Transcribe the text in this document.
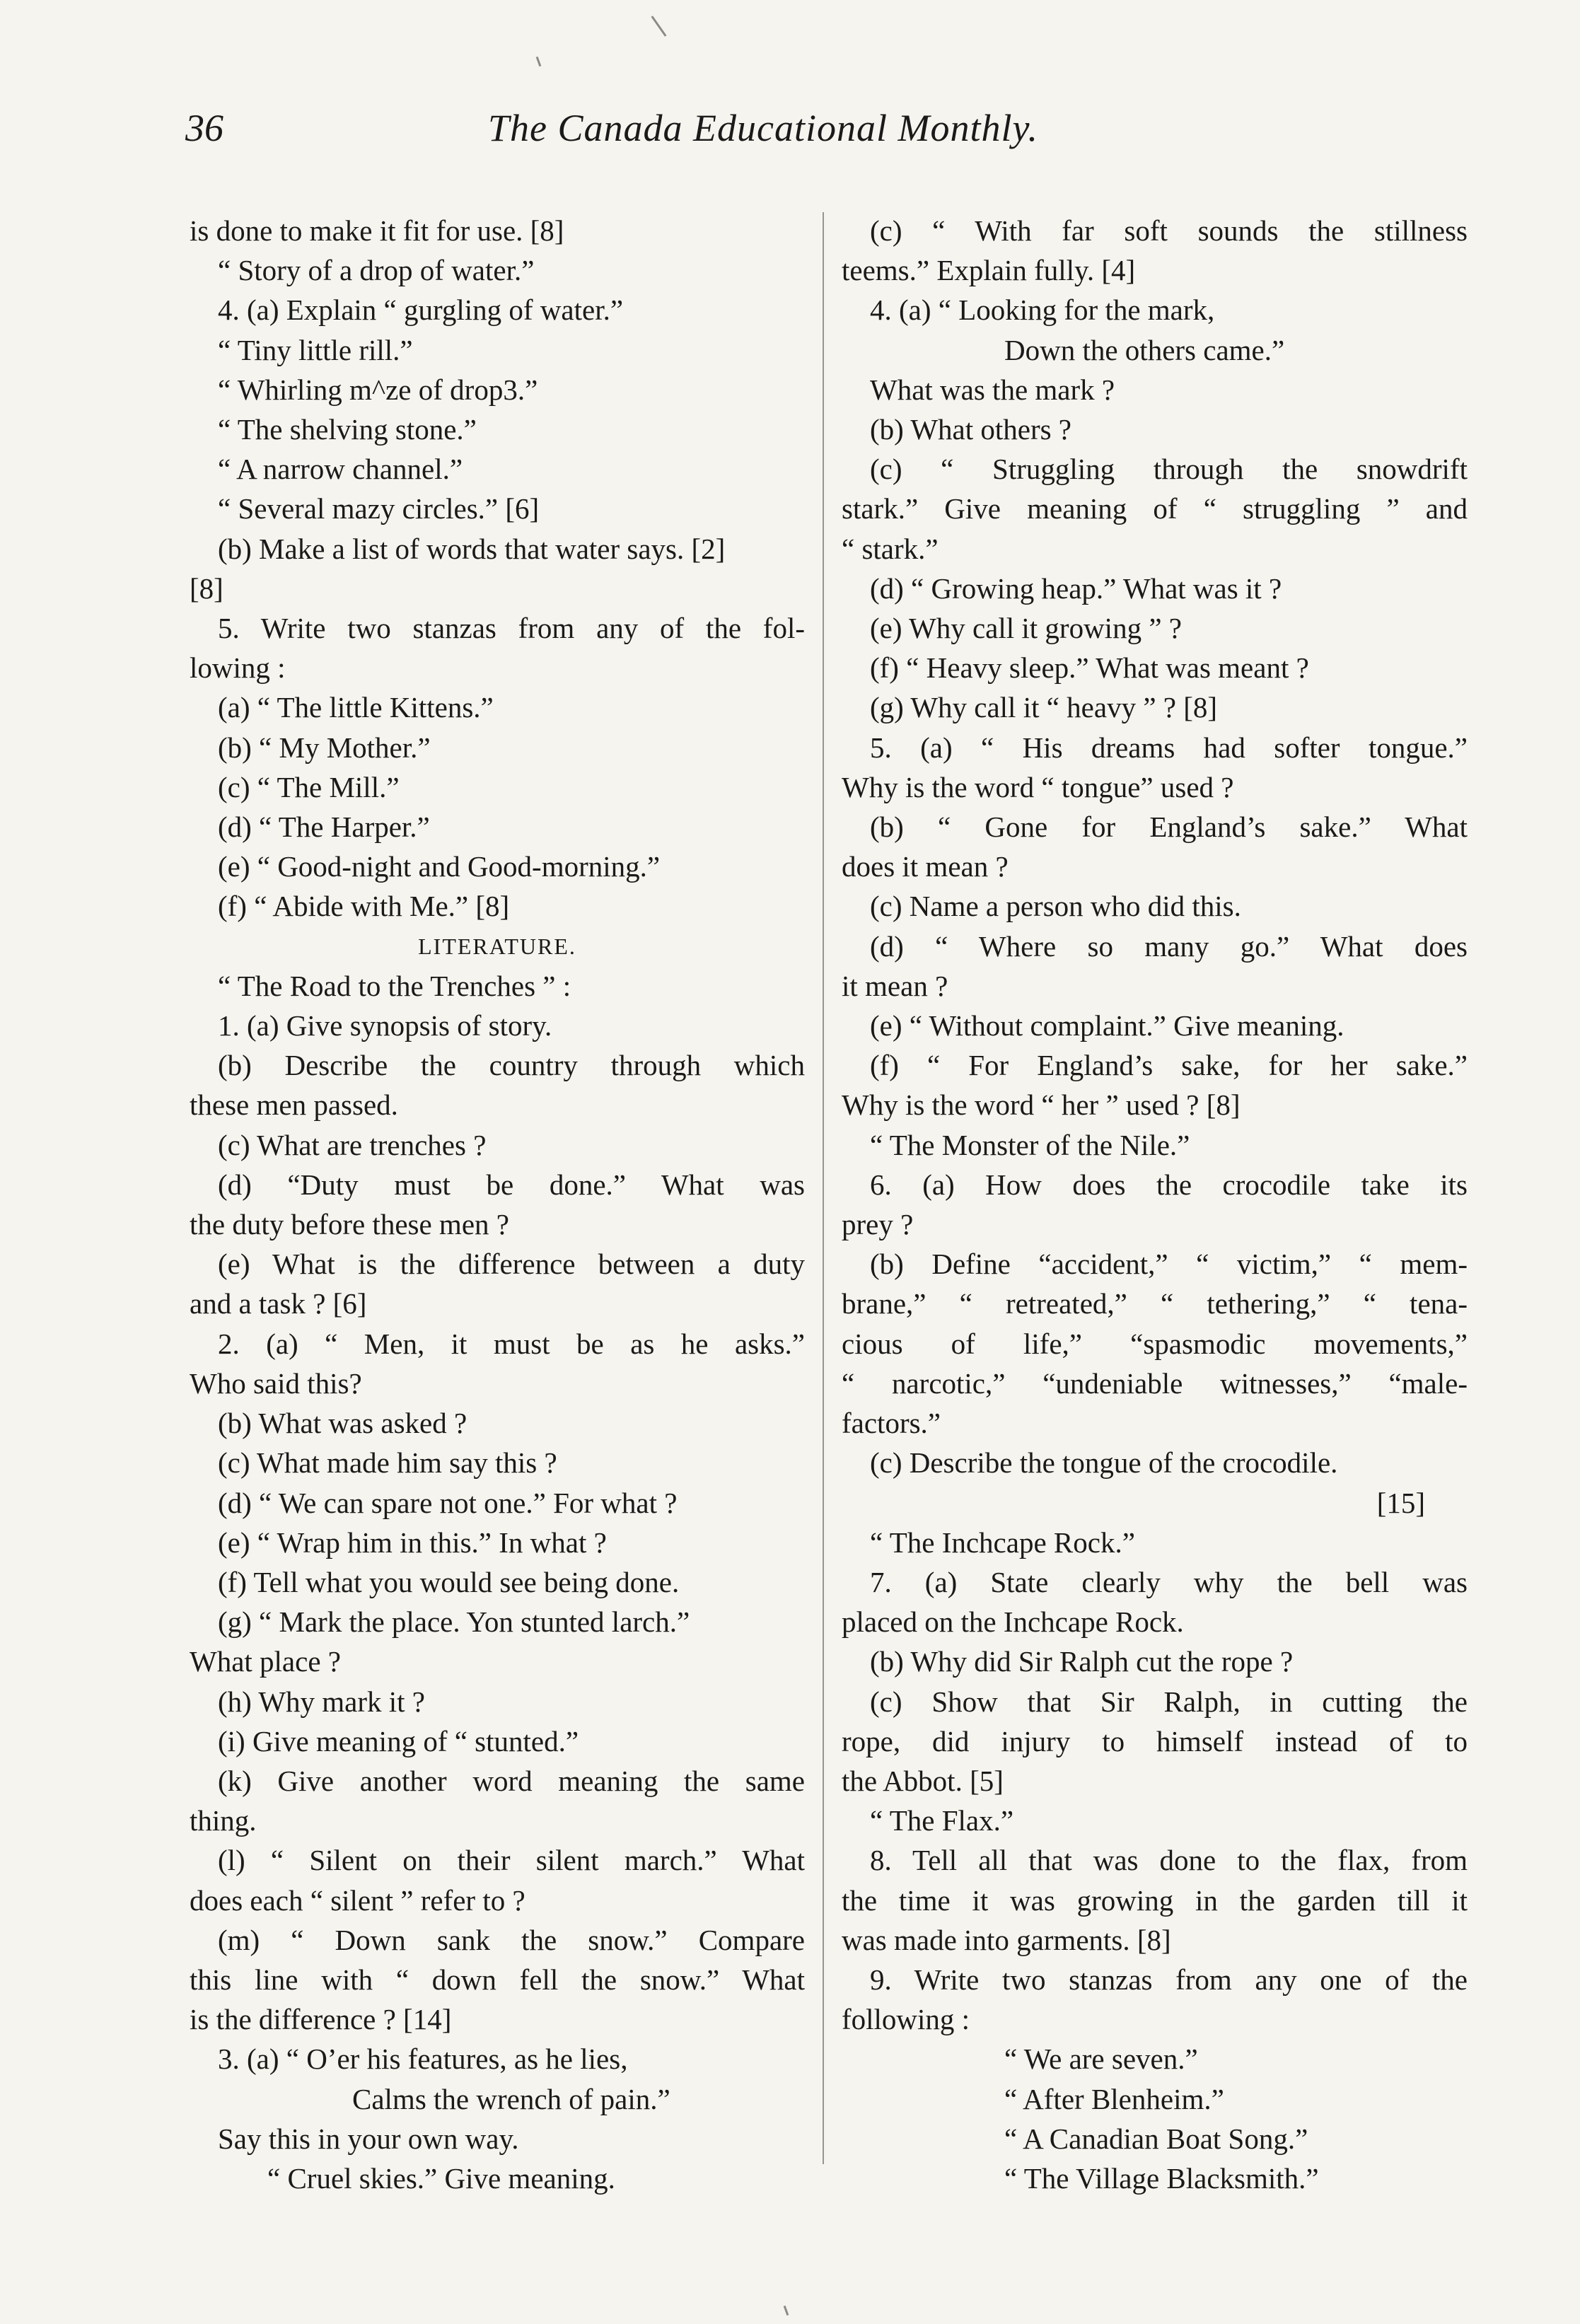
36	The Canada Educational Monthly.
is done to make it fit for use. [8]
“ Story of a drop of water.”
4. (a) Explain “ gurgling of water.”
“ Tiny little rill.”
“ Whirling m^ze of drop3.”
“ The shelving stone.”
“ A narrow channel.”
“ Several mazy circles.” [6]
(b) Make a list of words that water says. [2]
[8]
5. Write two stanzas from any of the fol-
lowing :
(a) “ The little Kittens.”
(b) “ My Mother.”
(c) “ The Mill.”
(d) “ The Harper.”
(e) “ Good-night and Good-morning.”
(f) “ Abide with Me.” [8]
LITERATURE.
“ The Road to the Trenches ” :
1. (a) Give synopsis of story.
(b) Describe the country through which
these men passed.
(c) What are trenches ?
(d) “Duty must be done.” What was
the duty before these men ?
(e) What is the difference between a duty
and a task ? [6]
2. (a) “ Men, it must be as he asks.”
Who said this?
(b) What was asked ?
(c) What made him say this ?
(d) “ We can spare not one.” For what ?
(e) “ Wrap him in this.” In what ?
(f) Tell what you would see being done.
(g) “ Mark the place. Yon stunted larch.”
What place ?
(h) Why mark it ?
(i) Give meaning of “ stunted.”
(k) Give another word meaning the same
thing.
(l) “ Silent on their silent march.” What
does each “ silent ” refer to ?
(m) “ Down sank the snow.” Compare
this line with “ down fell the snow.” What
is the difference ? [14]
3. (a) “ O’er his features, as he lies,
Calms the wrench of pain.”
Say this in your own way.
“ Cruel skies.” Give meaning.
(c) “ With far soft sounds the stillness
teems.” Explain fully. [4]
4. (a) “ Looking for the mark,
Down the others came.”
What was the mark ?
(b) What others ?
(c) “ Struggling through the snowdrift
stark.” Give meaning of “ struggling ” and
“ stark.”
(d) “ Growing heap.” What was it ?
(e) Why call it growing ” ?
(f) “ Heavy sleep.” What was meant ?
(g) Why call it “ heavy ” ? [8]
5. (a) “ His dreams had softer tongue.”
Why is the word “ tongue” used ?
(b) “ Gone for England’s sake.” What
does it mean ?
(c) Name a person who did this.
(d) “ Where so many go.” What does
it mean ?
(e) “ Without complaint.” Give meaning.
(f) “ For England’s sake, for her sake.”
Why is the word “ her ” used ? [8]
“ The Monster of the Nile.”
6. (a) How does the crocodile take its
prey ?
(b) Define “accident,” “ victim,” “ mem-
brane,” “ retreated,” “ tethering,” “ tena-
cious of life,” “spasmodic movements,”
“ narcotic,” “undeniable witnesses,” “male-
factors.”
(c) Describe the tongue of the crocodile.
[15]
“ The Inchcape Rock.”
7. (a) State clearly why the bell was
placed on the Inchcape Rock.
(b) Why did Sir Ralph cut the rope ?
(c) Show that Sir Ralph, in cutting the
rope, did injury to himself instead of to
the Abbot. [5]
“ The Flax.”
8. Tell all that was done to the flax, from
the time it was growing in the garden till it
was made into garments. [8]
9. Write two stanzas from any one of the
following :
“ We are seven.”
“ After Blenheim.”
“ A Canadian Boat Song.”
“ The Village Blacksmith.”
